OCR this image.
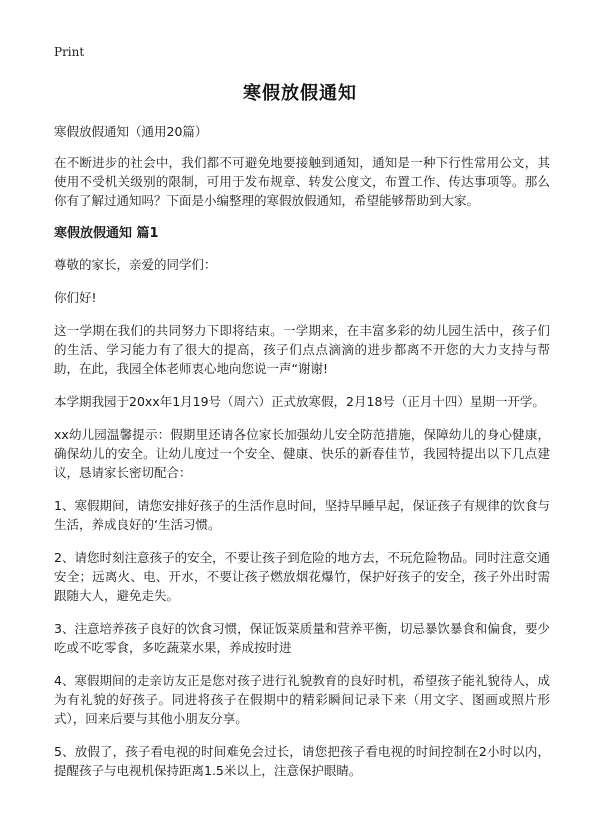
Print
寒假放假通知

寒假放假通知（通用20篇）

在不断进步的社会中，我们都不可避免地要接触到通知，通知是一种下行性常用公文，其使用不受机关级别的限制，可用于发布规章、转发公度文，布置工作、传达事项等。那么你有了解过通知吗？下面是小编整理的寒假放假通知，希望能够帮助到大家。

寒假放假通知 篇1

尊敬的家长，亲爱的同学们：

你们好!

这一学期在我们的共同努力下即将结束。一学期来，在丰富多彩的幼儿园生活中，孩子们的生活、学习能力有了很大的提高，孩子们点点滴滴的进步都离不开您的大力支持与帮助，在此，我园全体老师衷心地向您说一声“谢谢!

本学期我园于20xx年1月19号（周六）正式放寒假，2月18号（正月十四）星期一开学。

xx幼儿园温馨提示：假期里还请各位家长加强幼儿安全防范措施，保障幼儿的身心健康，确保幼儿的安全。让幼儿度过一个安全、健康、快乐的新春佳节，我园特提出以下几点建议，恳请家长密切配合：

1、寒假期间，请您安排好孩子的生活作息时间，坚持早睡早起，保证孩子有规律的饮食与生活，养成良好的‘生活习惯。

2、请您时刻注意孩子的安全，不要让孩子到危险的地方去，不玩危险物品。同时注意交通安全；远离火、电、开水，不要让孩子燃放烟花爆竹，保护好孩子的安全，孩子外出时需跟随大人，避免走失。

3、注意培养孩子良好的饮食习惯，保证饭菜质量和营养平衡，切忌暴饮暴食和偏食，要少吃或不吃零食，多吃蔬菜水果，养成按时进

4、寒假期间的走亲访友正是您对孩子进行礼貌教育的良好时机，希望孩子能礼貌待人，成为有礼貌的好孩子。同进将孩子在假期中的精彩瞬间记录下来（用文字、图画或照片形式），回来后要与其他小朋友分享。

5、放假了，孩子看电视的时间难免会过长，请您把孩子看电视的时间控制在2小时以内，提醒孩子与电视机保持距离1.5米以上，注意保护眼睛。
